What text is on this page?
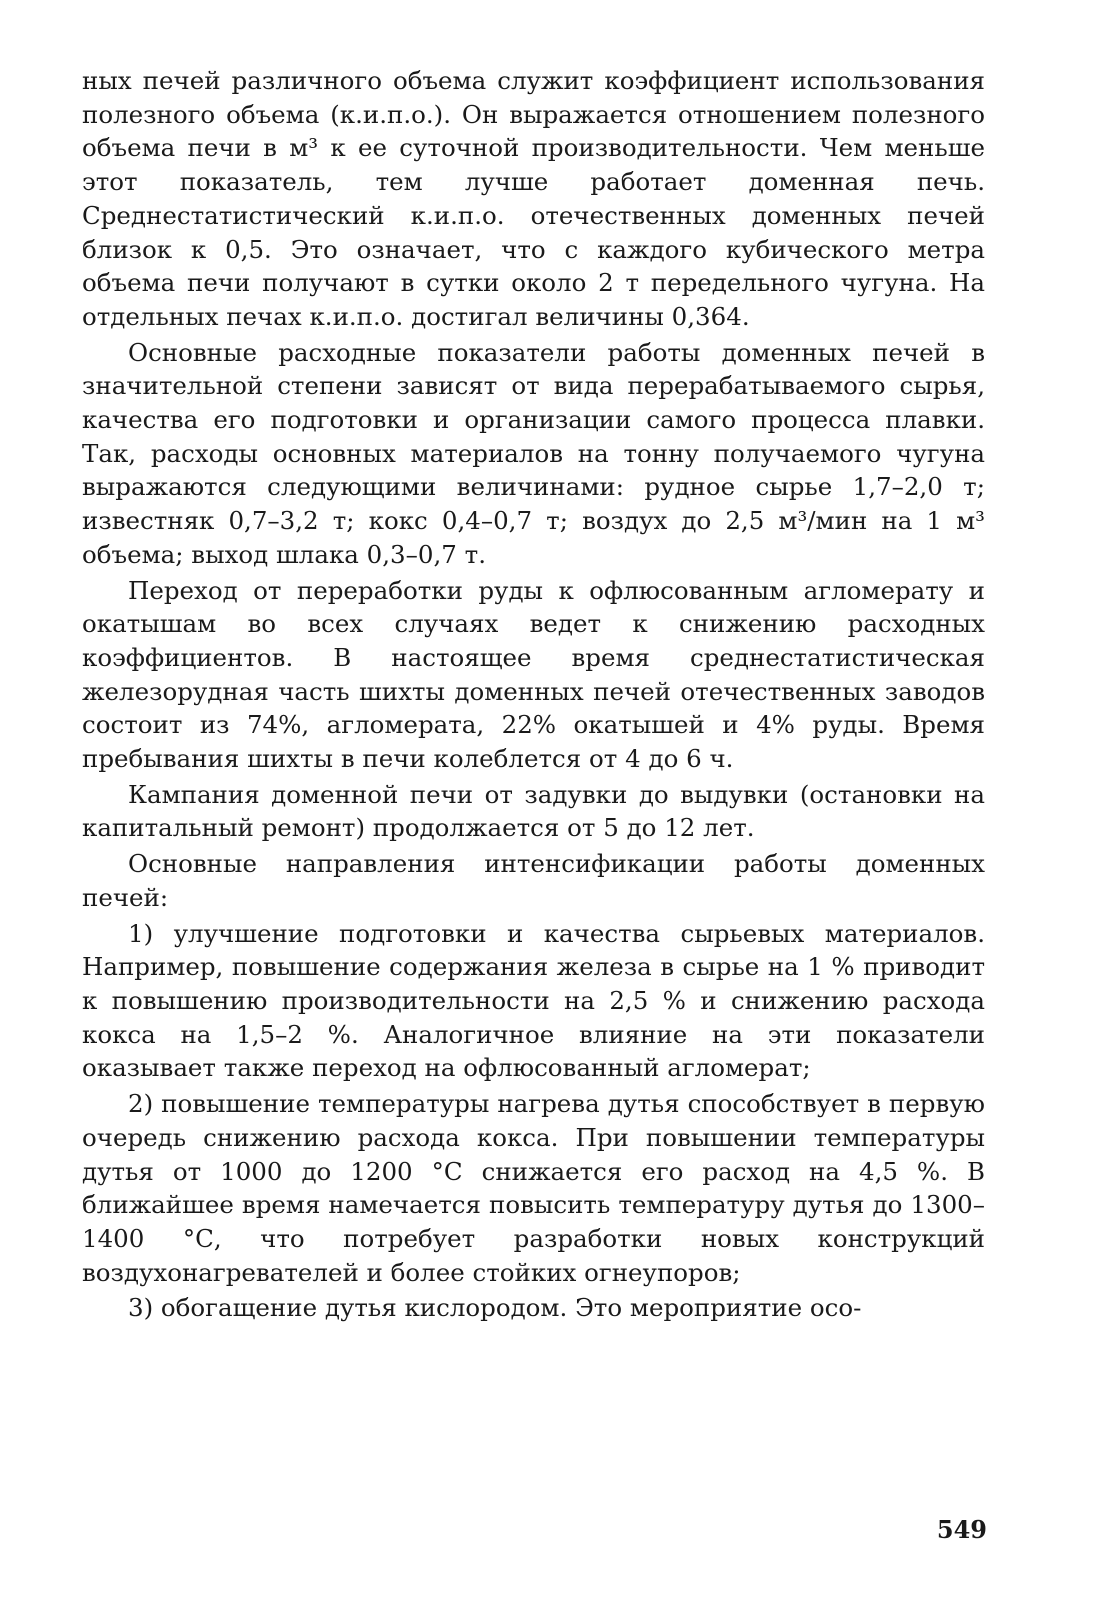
ных печей различного объема служит коэффициент использования полезного объема (к.и.п.о.). Он выражается отношением полезного объема печи в м³ к ее суточной производительности. Чем меньше этот показатель, тем лучше работает доменная печь. Среднестатистический к.и.п.о. отечественных доменных печей близок к 0,5. Это означает, что с каждого кубического метра объема печи получают в сутки около 2 т передельного чугуна. На отдельных печах к.и.п.о. достигал величины 0,364.

Основные расходные показатели работы доменных печей в значительной степени зависят от вида перерабатываемого сырья, качества его подготовки и организации самого процесса плавки. Так, расходы основных материалов на тонну получаемого чугуна выражаются следующими величинами: рудное сырье 1,7–2,0 т; известняк 0,7–3,2 т; кокс 0,4–0,7 т; воздух до 2,5 м³/мин на 1 м³ объема; выход шлака 0,3–0,7 т.

Переход от переработки руды к офлюсованным агломерату и окатышам во всех случаях ведет к снижению расходных коэффициентов. В настоящее время среднестатистическая железорудная часть шихты доменных печей отечественных заводов состоит из 74%, агломерата, 22% окатышей и 4% руды. Время пребывания шихты в печи колеблется от 4 до 6 ч.

Кампания доменной печи от задувки до выдувки (остановки на капитальный ремонт) продолжается от 5 до 12 лет.

Основные направления интенсификации работы доменных печей:

1) улучшение подготовки и качества сырьевых материалов. Например, повышение содержания железа в сырье на 1 % приводит к повышению производительности на 2,5 % и снижению расхода кокса на 1,5–2 %. Аналогичное влияние на эти показатели оказывает также переход на офлюсованный агломерат;

2) повышение температуры нагрева дутья способствует в первую очередь снижению расхода кокса. При повышении температуры дутья от 1000 до 1200 °С снижается его расход на 4,5 %. В ближайшее время намечается повысить температуру дутья до 1300–1400 °С, что потребует разработки новых конструкций воздухонагревателей и более стойких огнеупоров;

3) обогащение дутья кислородом. Это мероприятие осо-

549
